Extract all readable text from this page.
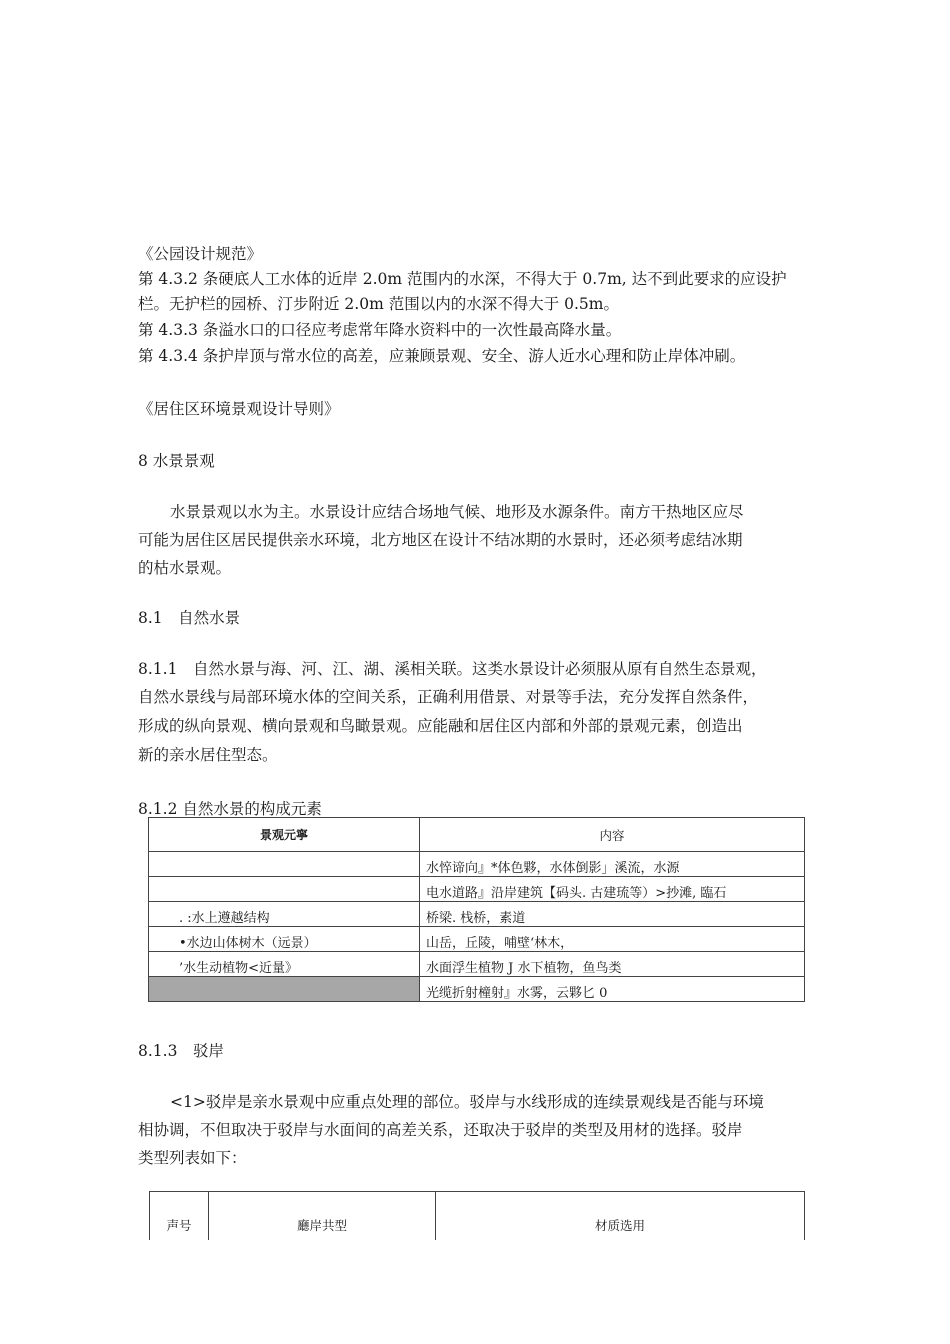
《公园设计规范》

第 4.3.2 条硬底人工水体的近岸 2.0m 范围内的水深，不得大于 0.7m, 达不到此要求的应设护

栏。无护栏的园桥、汀步附近 2.0m 范围以内的水深不得大于 0.5m。

第 4.3.3 条溢水口的口径应考虑常年降水资料中的一次性最高降水量。

第 4.3.4 条护岸顶与常水位的高差，应兼顾景观、安全、游人近水心理和防止岸体冲刷。

《居住区环境景观设计导则》

8 水景景观

水景景观以水为主。水景设计应结合场地气候、地形及水源条件。南方干热地区应尽

可能为居住区居民提供亲水环境，北方地区在设计不结冰期的水景时，还必须考虑结冰期

的枯水景观。

8.1　自然水景

8.1.1　自然水景与海、河、江、湖、溪相关联。这类水景设计必须服从原有自然生态景观，

自然水景线与局部环境水体的空间关系，正确利用借景、对景等手法，充分发挥自然条件，

形成的纵向景观、横向景观和鸟瞰景观。应能融和居住区内部和外部的景观元素，创造出

新的亲水居住型态。

8.1.2 自然水景的构成元素

景观元寧	内容
	水悴谛向』*体色夥，水体倒影」溪流，水源
	电水道路』沿岸建筑【码头. 古建琉等）>抄滩, 臨石
. :水上遵越结构	桥梁. 栈桥，素道
•水边山体树木（远景）	山岳，丘陵，哺壁‘林木，
’水生动植物<近量》	水面浮生植物 J 水下植物，鱼鸟类
	光缆折射橦射』水雾，云夥匕 0

8.1.3　驳岸

<1>驳岸是亲水景观中应重点处理的部位。驳岸与水线形成的连续景观线是否能与环境

相协调，不但取决于驳岸与水面间的高差关系，还取决于驳岸的类型及用材的选择。驳岸

类型列表如下：

声号	廳岸共型	材质选用
